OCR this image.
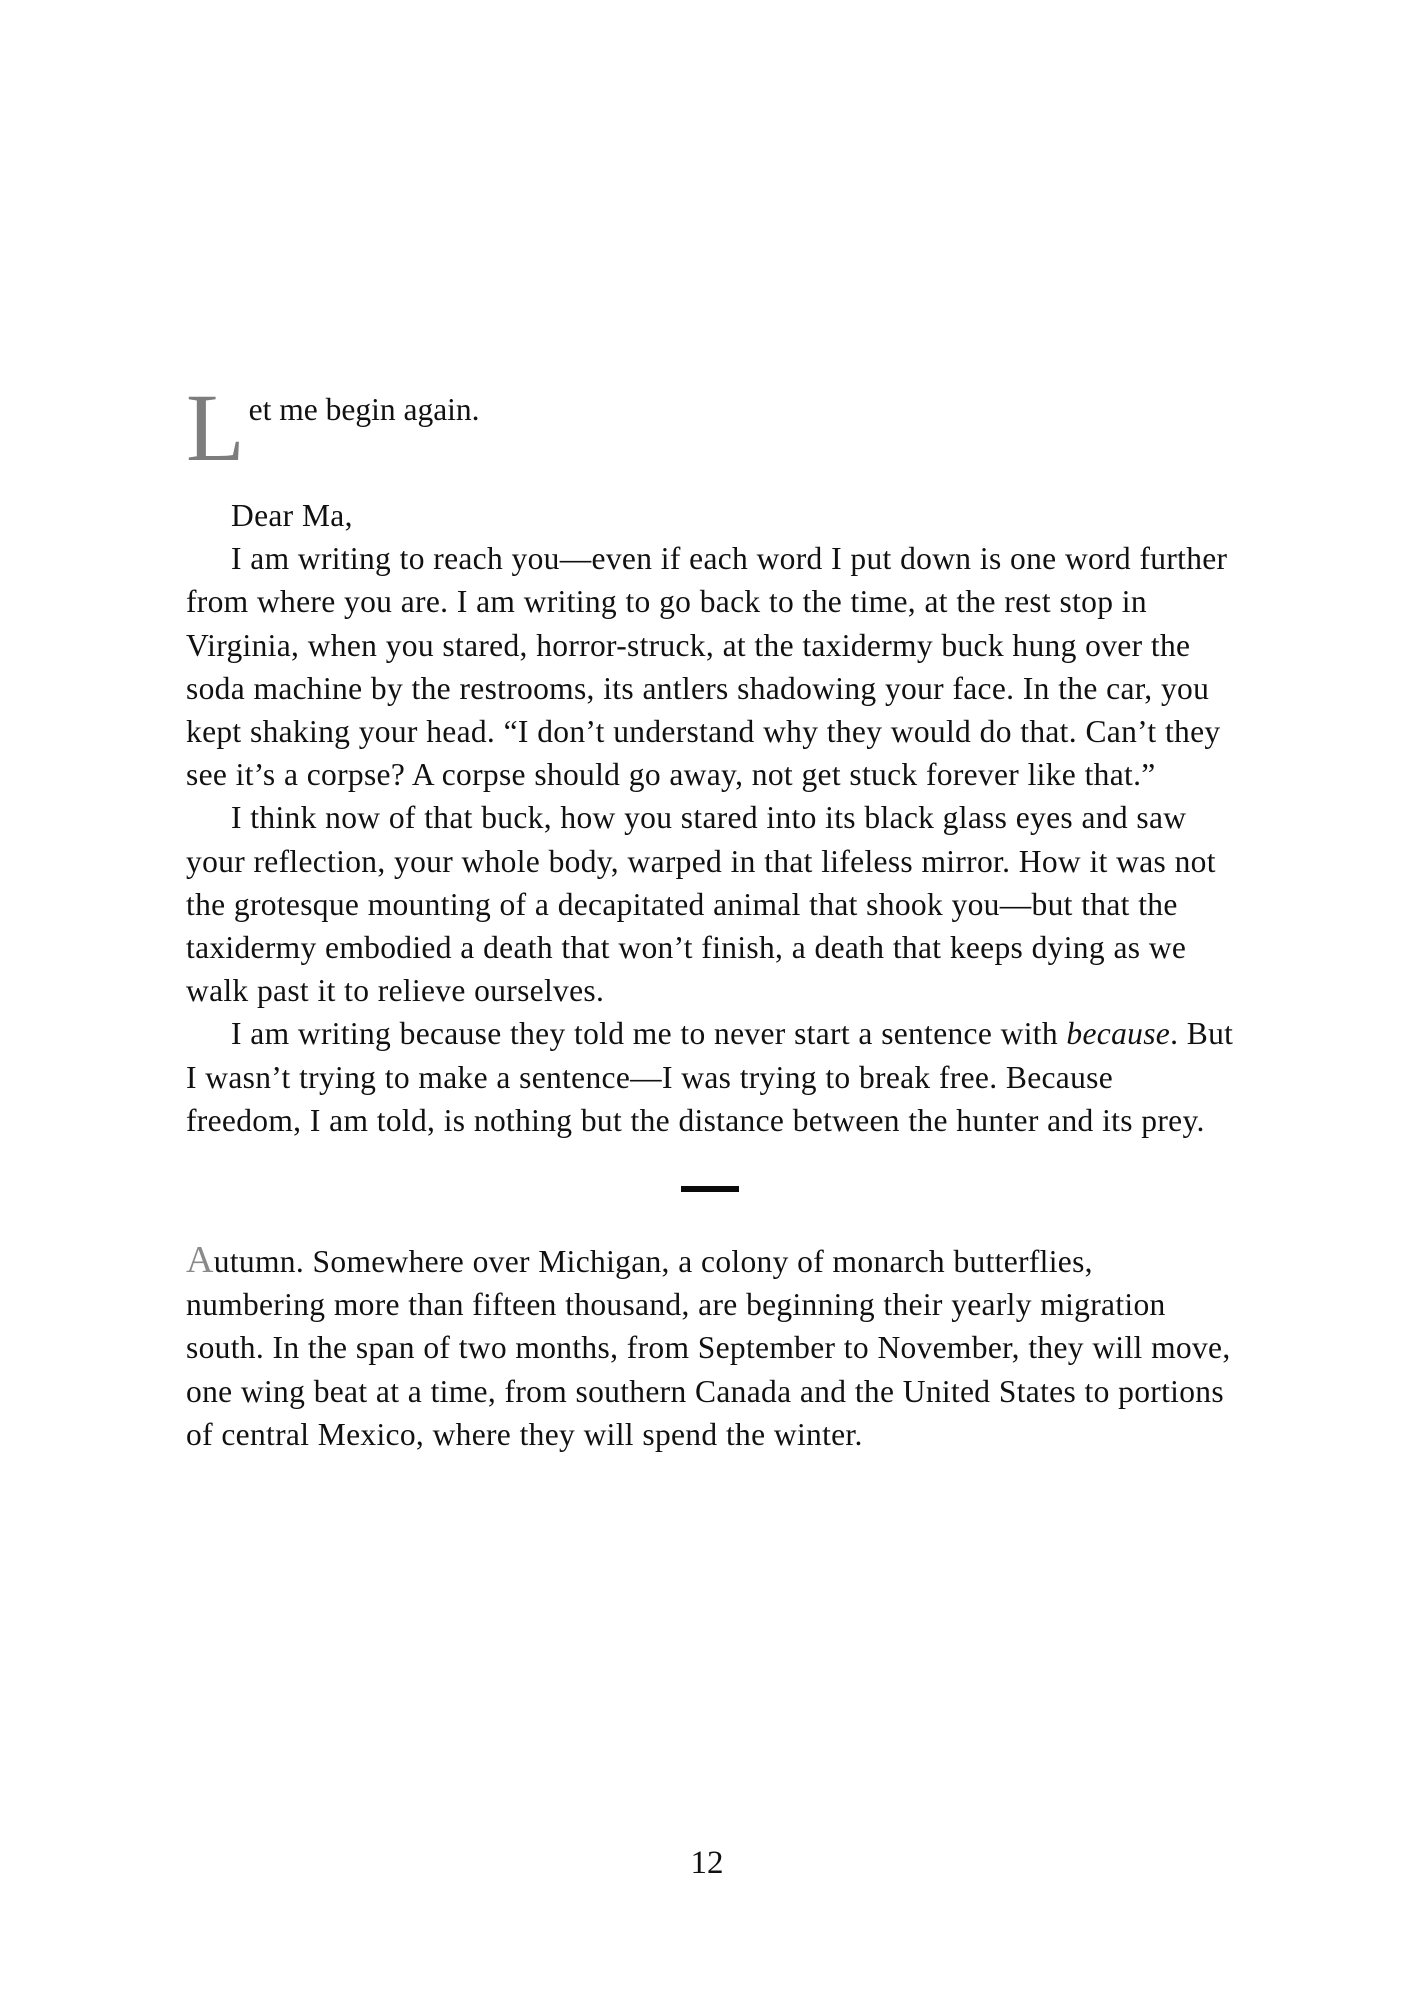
L et me begin again.

Dear Ma,

I am writing to reach you—even if each word I put down is one word further from where you are. I am writing to go back to the time, at the rest stop in Virginia, when you stared, horror-struck, at the taxidermy buck hung over the soda machine by the restrooms, its antlers shadowing your face. In the car, you kept shaking your head. “I don’t understand why they would do that. Can’t they see it’s a corpse? A corpse should go away, not get stuck forever like that.”

I think now of that buck, how you stared into its black glass eyes and saw your reflection, your whole body, warped in that lifeless mirror. How it was not the grotesque mounting of a decapitated animal that shook you—but that the taxidermy embodied a death that won’t finish, a death that keeps dying as we walk past it to relieve ourselves.

I am writing because they told me to never start a sentence with because. But I wasn’t trying to make a sentence—I was trying to break free. Because freedom, I am told, is nothing but the distance between the hunter and its prey.

Autumn. Somewhere over Michigan, a colony of monarch butterflies, numbering more than fifteen thousand, are beginning their yearly migration south. In the span of two months, from September to November, they will move, one wing beat at a time, from southern Canada and the United States to portions of central Mexico, where they will spend the winter.

12
